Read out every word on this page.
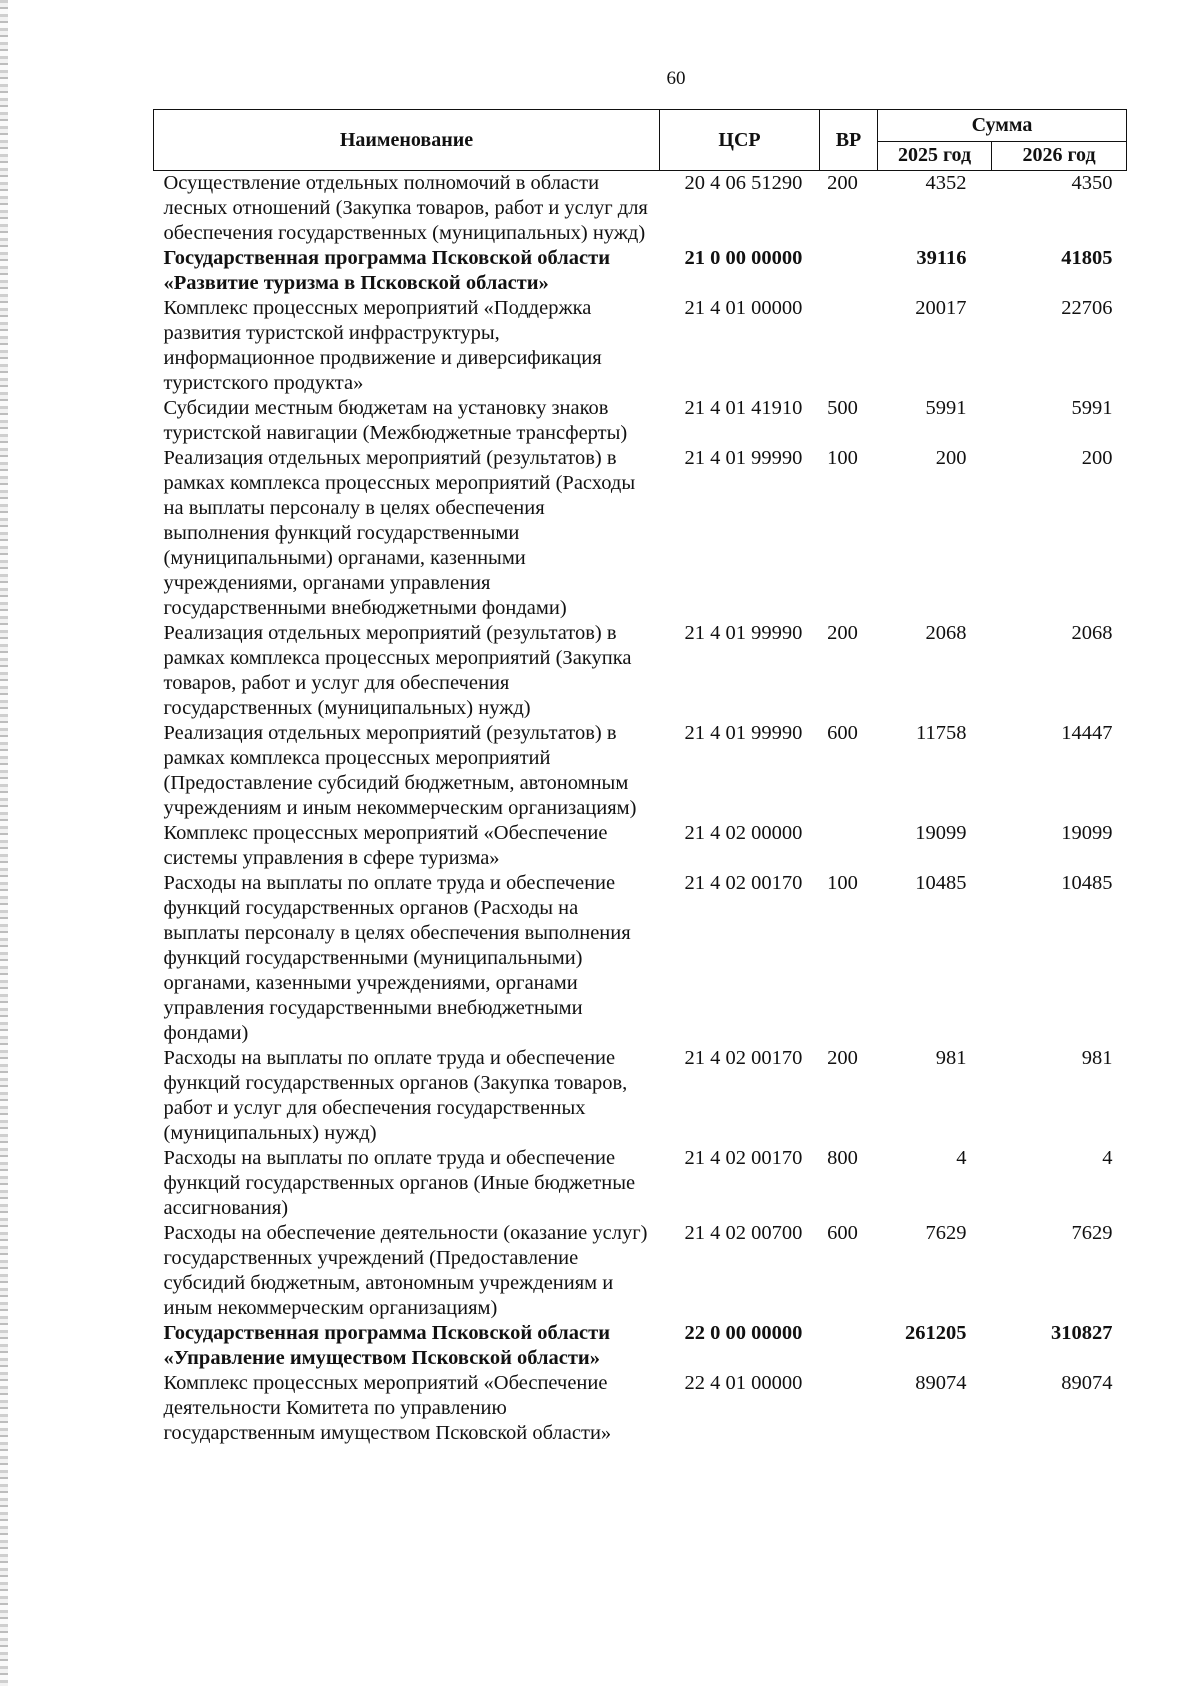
60
Наименование	ЦСР	ВР	Сумма	
			2025 год	2026 год
Осуществление отдельных полномочий в области лесных отношений (Закупка товаров, работ и услуг для обеспечения государственных (муниципальных) нужд)	20 4 06 51290	200	4352	4350
Государственная программа Псковской области «Развитие туризма в Псковской области»	21 0 00 00000		39116	41805
Комплекс процессных мероприятий «Поддержка развития туристской инфраструктуры, информационное продвижение и диверсификация туристского продукта»	21 4 01 00000		20017	22706
Субсидии местным бюджетам на установку знаков туристской навигации (Межбюджетные трансферты)	21 4 01 41910	500	5991	5991
Реализация отдельных мероприятий (результатов) в рамках комплекса процессных мероприятий (Расходы на выплаты персоналу в целях обеспечения выполнения функций государственными (муниципальными) органами, казенными учреждениями, органами управления государственными внебюджетными фондами)	21 4 01 99990	100	200	200
Реализация отдельных мероприятий (результатов) в рамках комплекса процессных мероприятий (Закупка товаров, работ и услуг для обеспечения государственных (муниципальных) нужд)	21 4 01 99990	200	2068	2068
Реализация отдельных мероприятий (результатов) в рамках комплекса процессных мероприятий (Предоставление субсидий бюджетным, автономным учреждениям и иным некоммерческим организациям)	21 4 01 99990	600	11758	14447
Комплекс процессных мероприятий «Обеспечение системы управления в сфере туризма»	21 4 02 00000		19099	19099
Расходы на выплаты по оплате труда и обеспечение функций государственных органов (Расходы на выплаты персоналу в целях обеспечения выполнения функций государственными (муниципальными) органами, казенными учреждениями, органами управления государственными внебюджетными фондами)	21 4 02 00170	100	10485	10485
Расходы на выплаты по оплате труда и обеспечение функций государственных органов (Закупка товаров, работ и услуг для обеспечения государственных (муниципальных) нужд)	21 4 02 00170	200	981	981
Расходы на выплаты по оплате труда и обеспечение функций государственных органов (Иные бюджетные ассигнования)	21 4 02 00170	800	4	4
Расходы на обеспечение деятельности (оказание услуг) государственных учреждений (Предоставление субсидий бюджетным, автономным учреждениям и иным некоммерческим организациям)	21 4 02 00700	600	7629	7629
Государственная программа Псковской области «Управление имуществом Псковской области»	22 0 00 00000		261205	310827
Комплекс процессных мероприятий «Обеспечение деятельности Комитета по управлению государственным имуществом Псковской области»	22 4 01 00000		89074	89074
